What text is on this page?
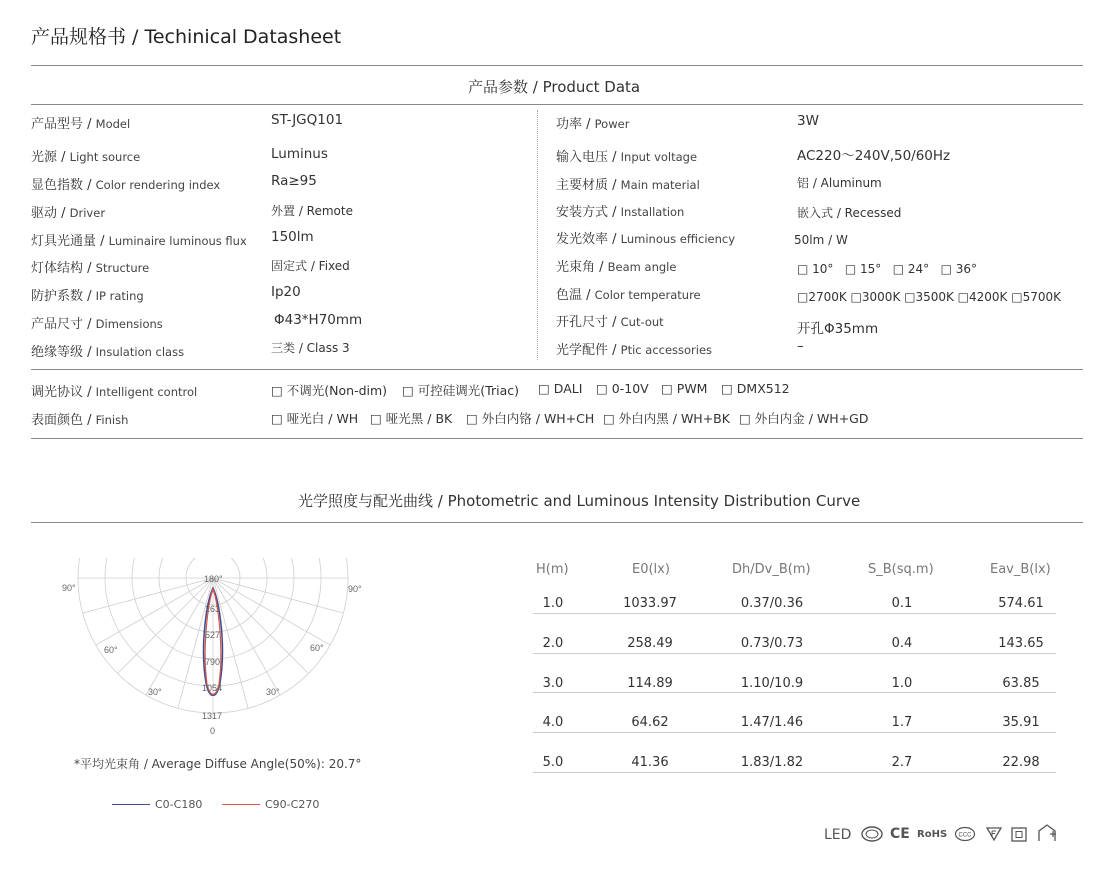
产品规格书 / Techinical Datasheet
产品参数 / Product Data
产品型号 / Model	ST-JGQ101
光源 / Light source	Luminus
显色指数 / Color rendering index	Ra≥95
驱动 / Driver	外置 / Remote
灯具光通量 / Luminaire luminous flux 150lm
灯体结构 / Structure	固定式 / Fixed
防护系数 / IP rating	Ip20
产品尺寸 / Dimensions	Φ43*H70mm
绝缘等级 / Insulation class	三类 / Class 3
功率 / Power	3W
输入电压 / Input voltage	AC220～240V,50/60Hz
主要材质 / Main material	铝 / Aluminum
安装方式 / Installation	嵌入式 / Recessed
发光效率 / Luminous efficiency	50lm / W
光束角 / Beam angle	□ 10°   □ 15°   □ 24°   □ 36°
色温 / Color temperature	□2700K □3000K □3500K □4200K □5700K
开孔尺寸 / Cut-out	开孔Φ35mm
光学配件 / Ptic accessories	–
调光协议 / Intelligent control	□ 不调光(Non-dim) □ 可控硅调光(Triac) □ DALI □ 0-10V □ PWM □ DMX512
表面颜色 / Finish	□ 哑光白 / WH □ 哑光黑 / BK □ 外白内铬 / WH+CH □ 外白内黑 / WH+BK □ 外白内金 / WH+GD
光学照度与配光曲线 / Photometric and Luminous Intensity Distribution Curve
90°	90°
60°	60°
30°	30°
180°
0
263
527
790
1054
1317
*平均光束角 / Average Diffuse Angle(50%): 20.7°
C0-C180	C90-C270
H(m)	E0(lx)	Dh/Dv_B(m)	S_B(sq.m)	Eav_B(lx)
1.0	1033.97	0.37/0.36	0.1	574.61
2.0	258.49	0.73/0.73	0.4	143.65
3.0	114.89	1.10/10.9	1.0	63.85
4.0	64.62	1.47/1.46	1.7	35.91
5.0	41.36	1.83/1.82	2.7	22.98
LED	CE RoHS CCC
